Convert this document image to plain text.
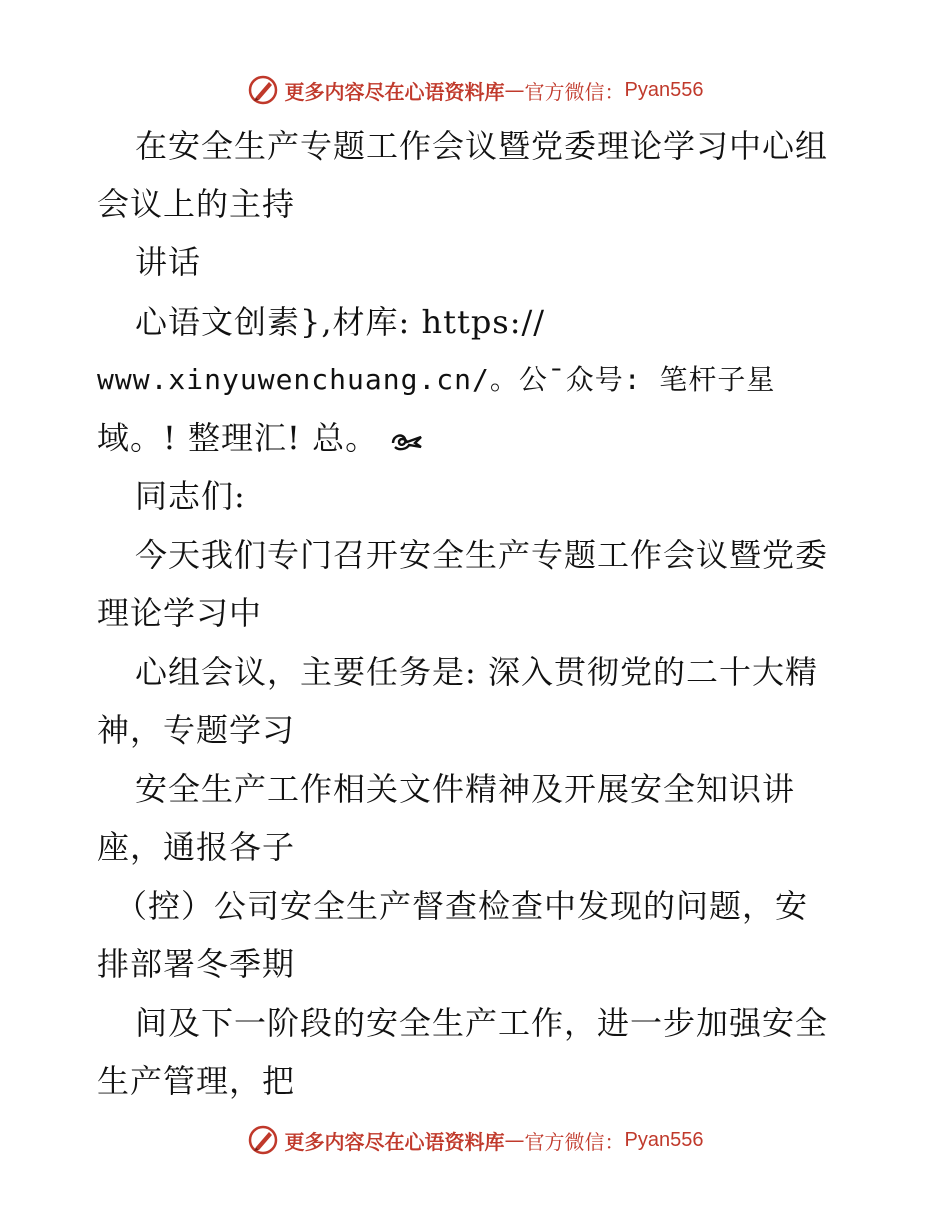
更多内容尽在心语资料库 — 官方微信： Pyan556
在安全生产专题工作会议暨党委理论学习中心组
会议上的主持
讲话
心语文创素},材库: https://
www.xinyuwenchuang.cn/。公¯众号: 笔杆子星
域。! 整理汇! 总。
同志们:
今天我们专门召开安全生产专题工作会议暨党委
理论学习中
心组会议，主要任务是: 深入贯彻党的二十大精
神，专题学习
安全生产工作相关文件精神及开展安全知识讲
座，通报各子
（控）公司安全生产督查检查中发现的问题，安
排部署冬季期
间及下一阶段的安全生产工作，进一步加强安全
生产管理，把
更多内容尽在心语资料库 — 官方微信： Pyan556
